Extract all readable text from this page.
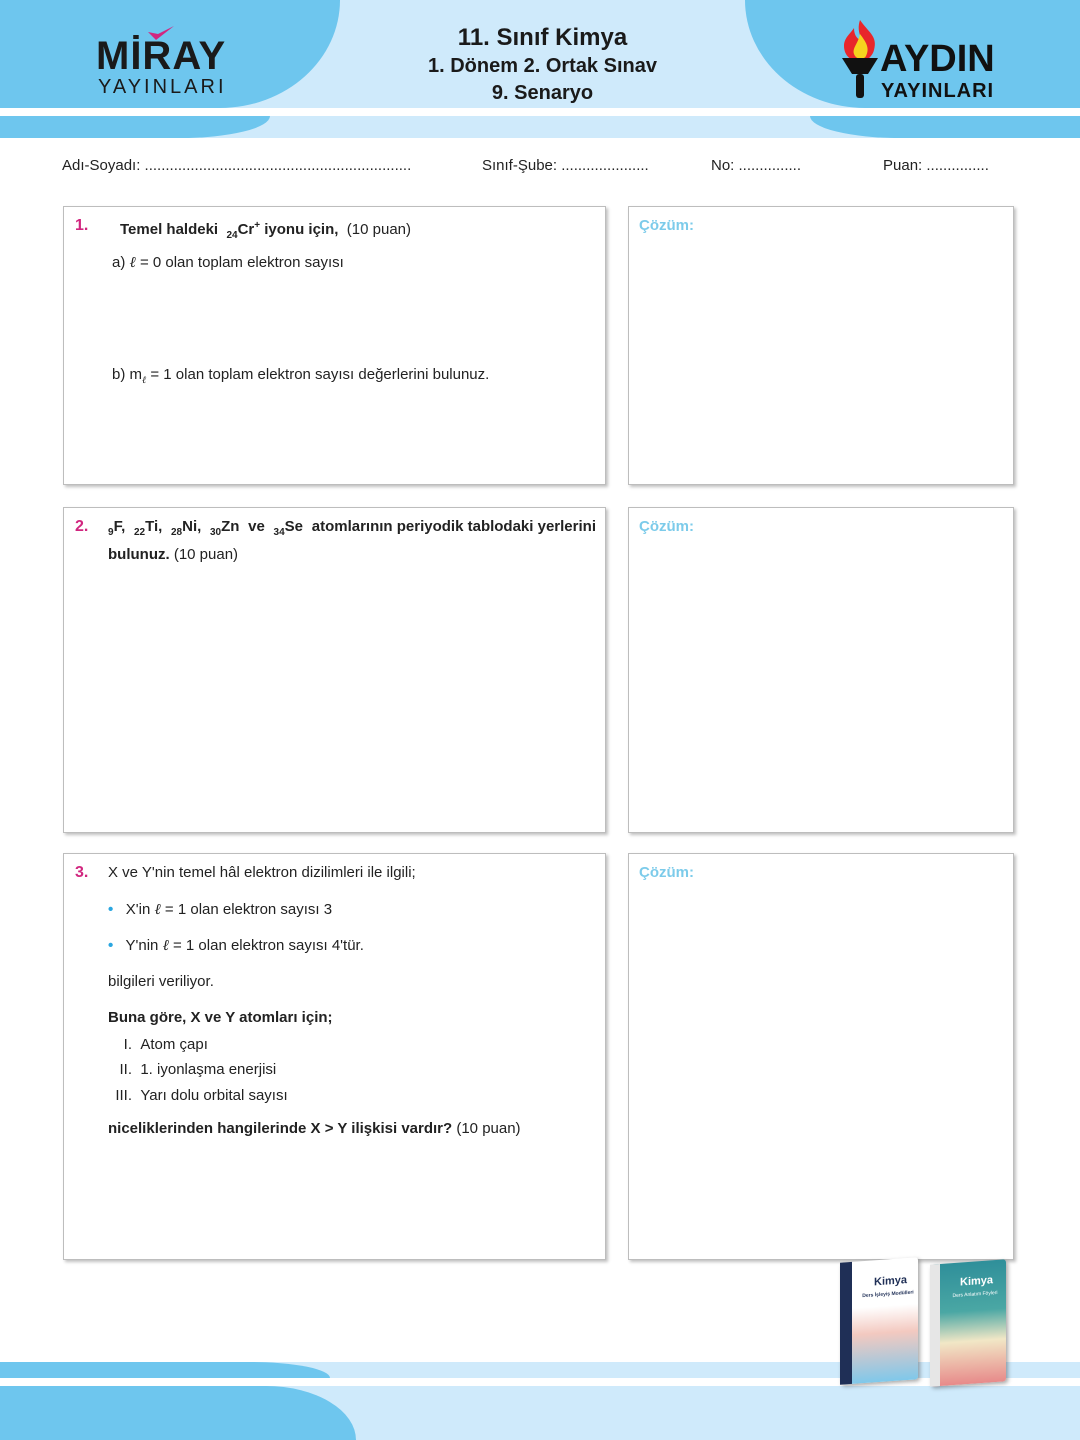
MİRAY
YAYINLARI
11. Sınıf Kimya
1. Dönem 2. Ortak Sınav
9. Senaryo
AYDIN
YAYINLARI
Adı-Soyadı: ................................................................	Sınıf-Şube: .....................	No: ...............	Puan: ...............
1. Temel haldeki $_{24}$Cr+ iyonu için, (10 puan)
a) ℓ = 0 olan toplam elektron sayısı
b) $m_\ell = 1$ olan toplam elektron sayısı değerlerini bulunuz.
Çözüm:
2. $_9$F, $_{22}$Ti, $_{28}$Ni, $_{30}$Zn ve $_{34}$Se atomlarının periyodik tablodaki yerlerini
bulunuz. (10 puan)
Çözüm:
3. X ve Y'nin temel hâl elektron dizilimleri ile ilgili;
• X'in ℓ = 1 olan elektron sayısı 3
• Y'nin ℓ = 1 olan elektron sayısı 4'tür.
bilgileri veriliyor.
Buna göre, X ve Y atomları için;
I. Atom çapı
II. 1. iyonlaşma enerjisi
III. Yarı dolu orbital sayısı
niceliklerinden hangilerinde X > Y ilişkisi vardır? (10 puan)
Çözüm:
Kimya
Ders İşleyiş Modülleri
Kimya
Ders Anlatım Föyleri
